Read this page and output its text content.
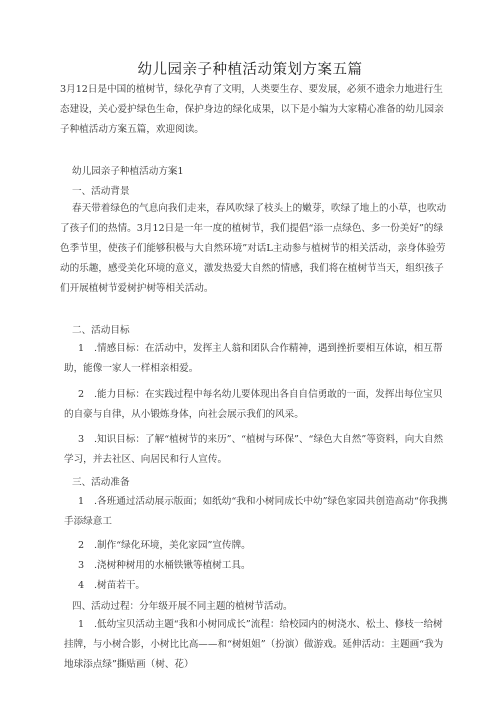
幼儿园亲子种植活动策划方案五篇
3月12日是中国的植树节，绿化孕育了文明，人类要生存、要发展，必须不遗余力地进行生态建设，关心爱护绿色生命，保护身边的绿化成果，以下是小编为大家精心准备的幼儿园亲子种植活动方案五篇，欢迎阅读。
幼儿园亲子种植活动方案1
一、活动背景
春天带着绿色的气息向我们走来，春风吹绿了枝头上的嫩芽，吹绿了地上的小草，也吹动了孩子们的热情。3月12日是一年一度的植树节，我们提倡“添一点绿色、多一份美好”的绿色季节里，使孩子们能够积极与大自然环境”对话L主动参与植树节的相关活动，亲身体验劳动的乐趣，感受美化环境的意义，激发热爱大自然的情感，我们将在植树节当天，组织孩子们开展植树节爱树护树等相关活动。
二、活动目标
1 .情感目标：在活动中，发挥主人翁和团队合作精神，遇到挫折要相互体谅，相互帮助，能像一家人一样相亲相爱。
2 .能力目标：在实践过程中每名幼儿要体现出各自自信勇敢的一面，发挥出每位宝贝的自豪与自律，从小锻炼身体，向社会展示我们的风采。
3 .知识目标：了解“植树节的来历”、“植树与环保”、“绿色大自然”等资料，向大自然学习，并去社区、向居民和行人宣传。
三、活动准备
1 .各班通过活动展示版面；如纸幼“我和小树同成长中幼”绿色家园共创造高动“你我携手添绿意工
2 .制作“绿化环境，美化家园”宣传牌。
3 .浇树种树用的水桶铁锹等植树工具。
4 .树苗若干。
四、活动过程：分年级开展不同主题的植树节活动。
1 .低幼宝贝活动主题“我和小树同成长”流程：给校园内的树浇水、松土、修枝一给树挂牌，与小树合影，小树比比高——和“树姐姐”（扮演）做游戏。延伸活动：主题画“我为地球添点绿”撕贴画（树、花）
